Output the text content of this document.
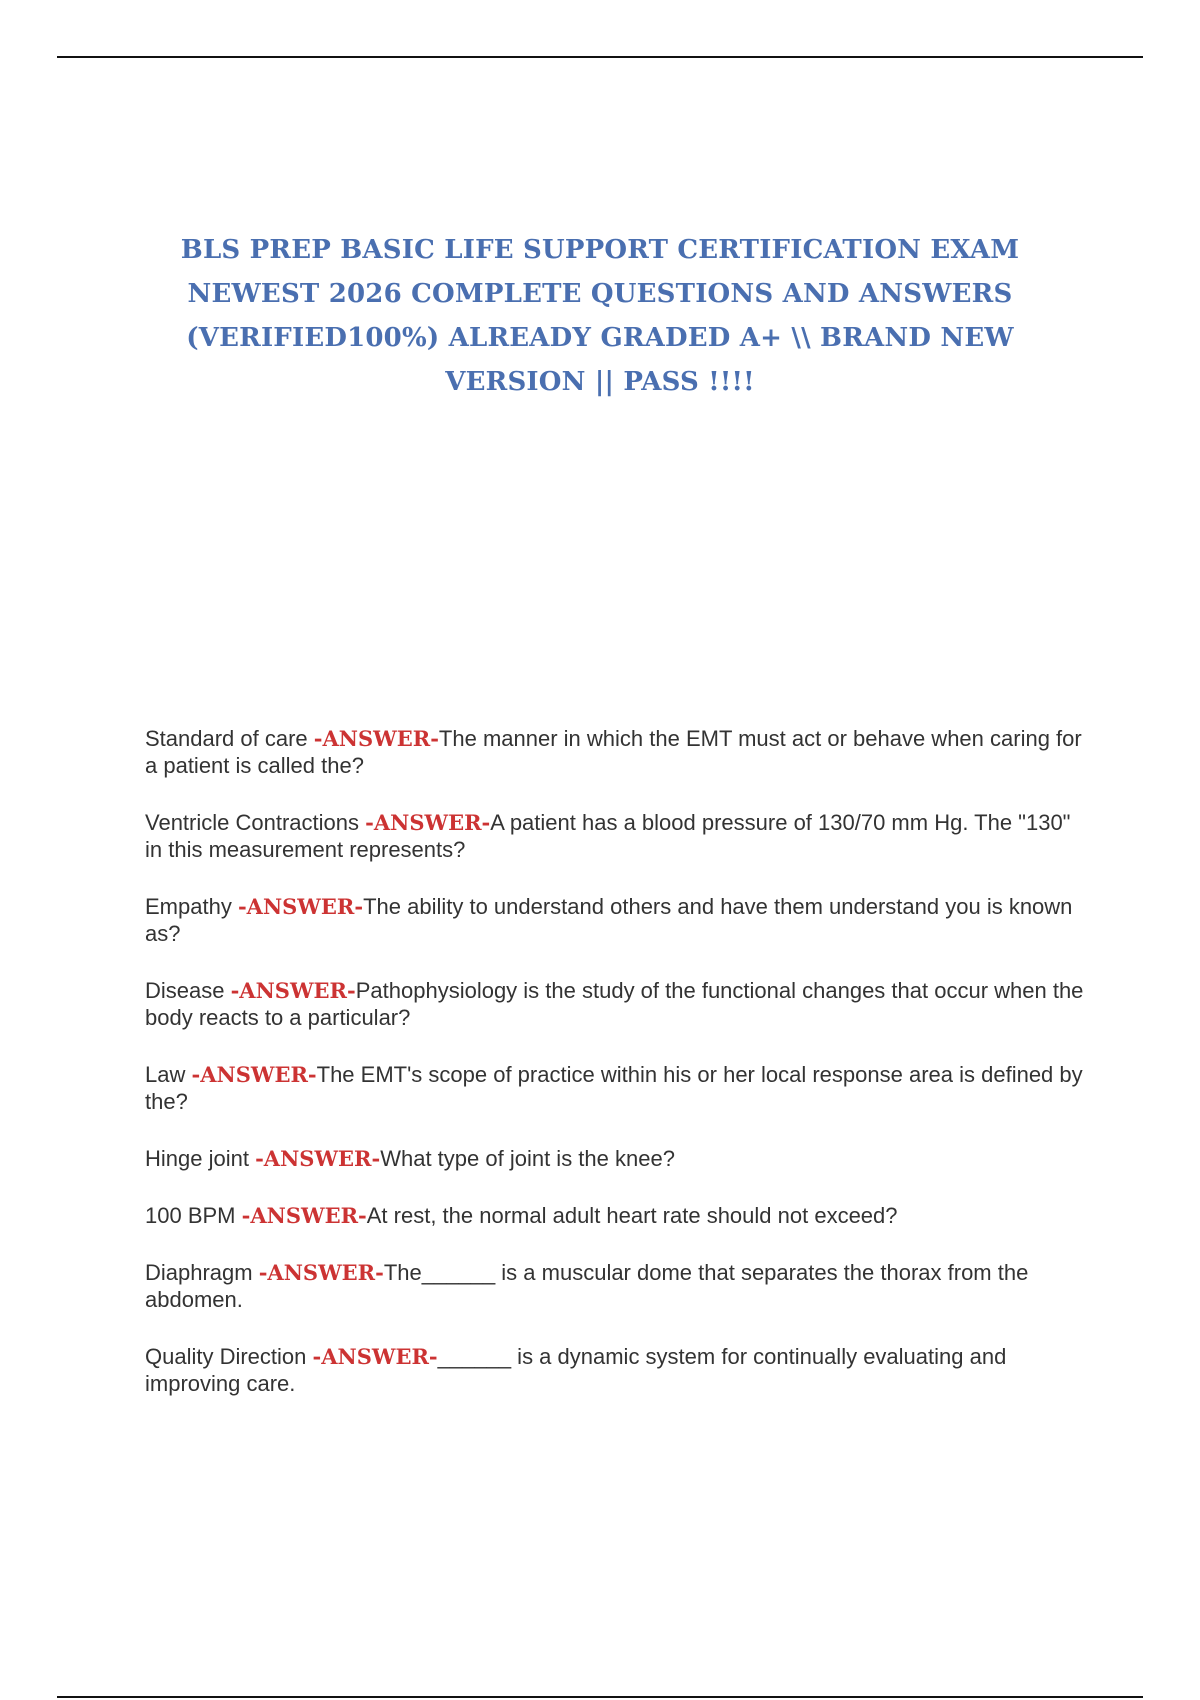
BLS PREP BASIC LIFE SUPPORT CERTIFICATION EXAM NEWEST 2026 COMPLETE QUESTIONS AND ANSWERS (VERIFIED100%) ALREADY GRADED A+ \\ BRAND NEW VERSION || PASS !!!!
Standard of care -ANSWER-The manner in which the EMT must act or behave when caring for a patient is called the?
Ventricle Contractions -ANSWER-A patient has a blood pressure of 130/70 mm Hg. The "130" in this measurement represents?
Empathy -ANSWER-The ability to understand others and have them understand you is known as?
Disease -ANSWER-Pathophysiology is the study of the functional changes that occur when the body reacts to a particular?
Law -ANSWER-The EMT's scope of practice within his or her local response area is defined by the?
Hinge joint -ANSWER-What type of joint is the knee?
100 BPM -ANSWER-At rest, the normal adult heart rate should not exceed?
Diaphragm -ANSWER-The______ is a muscular dome that separates the thorax from the abdomen.
Quality Direction -ANSWER-______ is a dynamic system for continually evaluating and improving care.
